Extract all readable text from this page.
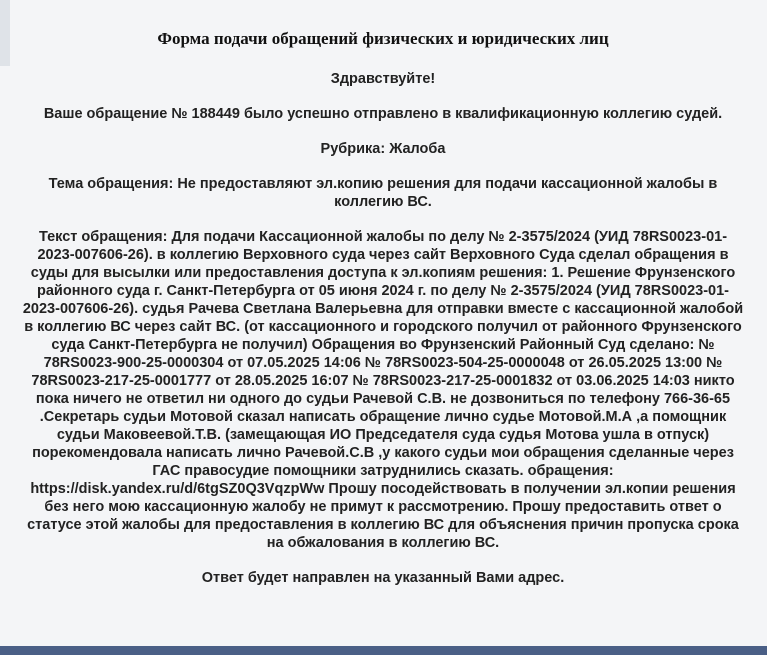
Форма подачи обращений физических и юридических лиц

Здравствуйте!

Ваше обращение № 188449 было успешно отправлено в квалификационную коллегию судей.

Рубрика: Жалоба

Тема обращения: Не предоставляют эл.копию решения для подачи кассационной жалобы в коллегию ВС.

Текст обращения: Для подачи Кассационной жалобы по делу № 2-3575/2024 (УИД 78RS0023-01-2023-007606-26). в коллегию Верховного суда через сайт Верховного Суда сделал обращения в суды для высылки или предоставления доступа к эл.копиям решения: 1. Решение Фрунзенского районного суда г. Санкт-Петербурга от 05 июня 2024 г. по делу № 2-3575/2024 (УИД 78RS0023-01-2023-007606-26). судья Рачева Светлана Валерьевна для отправки вместе с кассационной жалобой в коллегию ВС через сайт ВС. (от кассационного и городского получил от районного Фрунзенского суда Санкт-Петербурга не получил) Обращения во Фрунзенский Районный Суд сделано: № 78RS0023-900-25-0000304 от 07.05.2025 14:06 № 78RS0023-504-25-0000048 от 26.05.2025 13:00 № 78RS0023-217-25-0001777 от 28.05.2025 16:07 № 78RS0023-217-25-0001832 от 03.06.2025 14:03 никто пока ничего не ответил ни одного до судьи Рачевой С.В. не дозвониться по телефону 766-36-65 .Секретарь судьи Мотовой сказал написать обращение лично судье Мотовой.М.А ,а помощник судьи Маковеевой.Т.В. (замещающая ИО Председателя суда судья Мотова ушла в отпуск) порекомендовала написать лично Рачевой.С.В ,у какого судьи мои обращения сделанные через ГАС правосудие помощники затруднились сказать. обращения: https://disk.yandex.ru/d/6tgSZ0Q3VqzpWw Прошу посодействовать в получении эл.копии решения без него мою кассационную жалобу не примут к рассмотрению. Прошу предоставить ответ о статусе этой жалобы для предоставления в коллегию ВС для объяснения причин пропуска срока на обжалования в коллегию ВС.

Ответ будет направлен на указанный Вами адрес.
